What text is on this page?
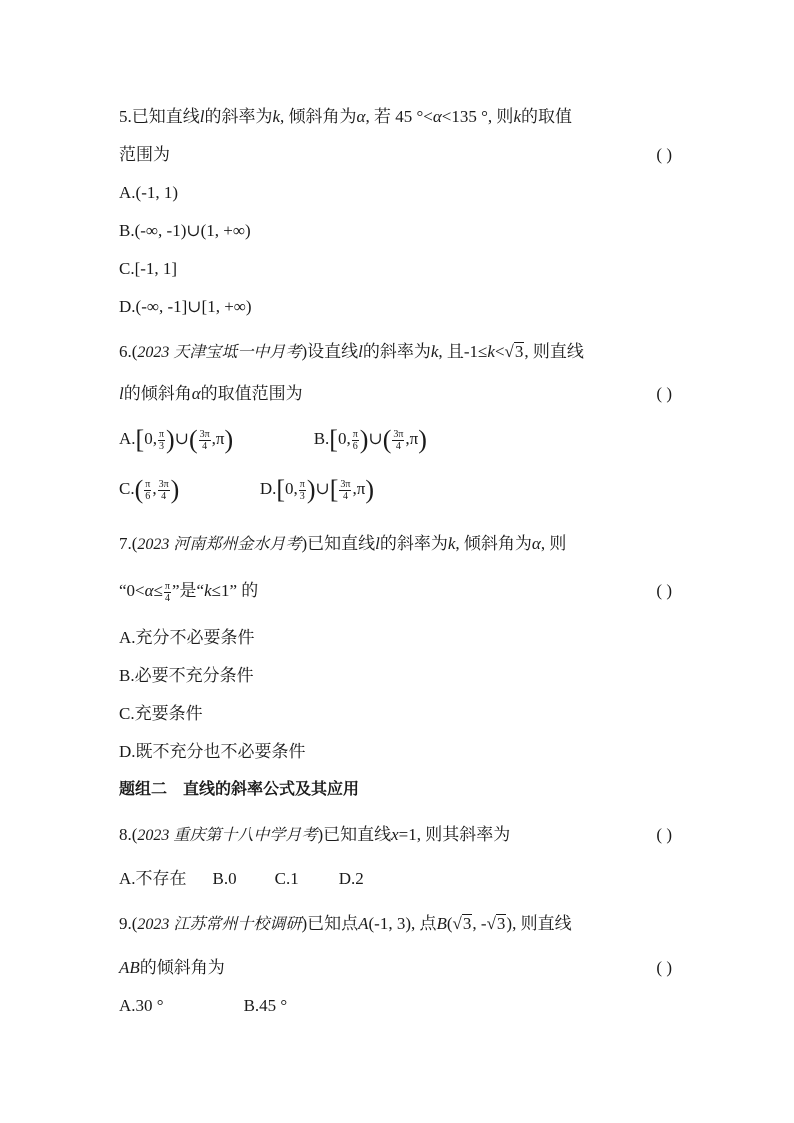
5.已知直线l的斜率为k, 倾斜角为α, 若 45 °<α<135 °, 则k的取值
范围为	( )
A.(-1, 1)
B.(-∞, -1)∪(1, +∞)
C.[-1, 1]
D.(-∞, -1]∪[1, +∞)
6.(2023 天津宝坻一中月考)设直线l的斜率为k, 且-1≤k<√3, 则直线
l的倾斜角α的取值范围为	( )
A.[0, $\frac{\pi}{3}$ )∪( $\frac{3\pi}{4} ,\pi$)	B.[0, $\frac{\pi}{6}$ )∪( $\frac{3\pi}{4} ,\pi$)
$C.( \frac{\pi}{6}$ , $\frac{3\pi}{4}$ )	D.[0, $\frac{\pi}{3}$ )∪[ $\frac{3\pi}{4} ,\pi$)
7.(2023 河南郑州金水月考)已知直线l的斜率为k, 倾斜角为α, 则
“$0<\alpha\le \frac{\pi}{4}$ ”是“k≤1” 的	( )
A.充分不必要条件
B.必要不充分条件
C.充要条件
D.既不充分也不必要条件
题组二　直线的斜率公式及其应用
8.(2023 重庆第十八中学月考)已知直线x=1, 则其斜率为	( )
A.不存在 B.0 C.1 D.2
9.(2023 江苏常州十校调研)已知点A(-1, 3), 点B(√3, -√3), 则直线
AB的倾斜角为	( )
A.30 °	B.45 °
